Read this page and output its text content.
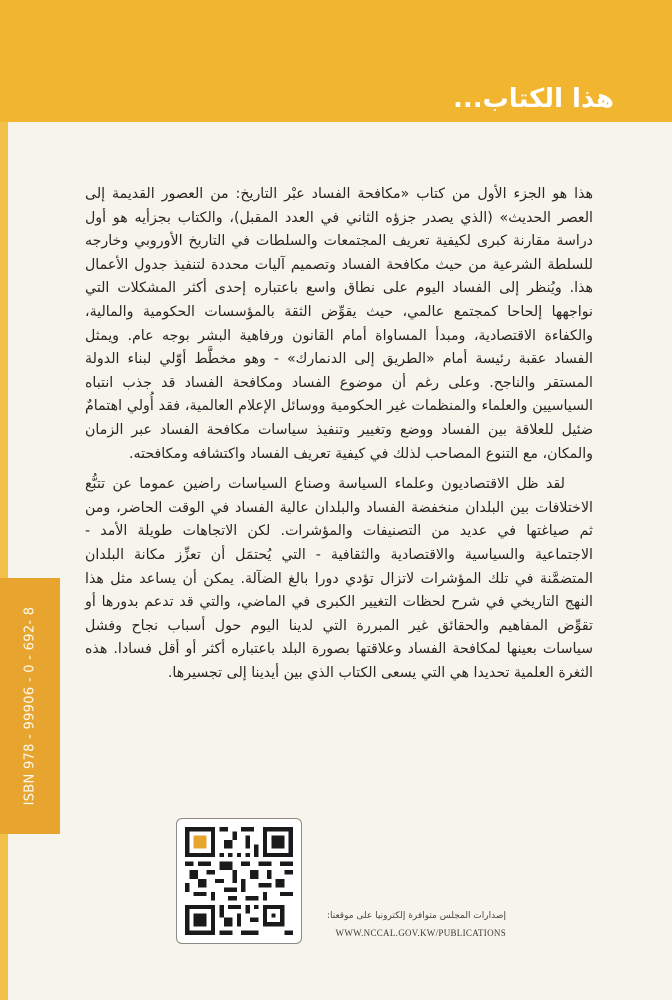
هذا الكتاب...
ISBN 978 - 99906 - 0 - 692- 8

هذا هو الجزء الأول من كتاب «مكافحة الفساد عبْر التاريخ: من العصور القديمة إلى العصر الحديث» (الذي يصدر جزؤه الثاني في العدد المقبل)، والكتاب بجزأيه هو أول دراسة مقارنة كبرى لكيفية تعريف المجتمعات والسلطات في التاريخ الأوروبي وخارجه للسلطة الشرعية من حيث مكافحة الفساد وتصميم آليات محددة لتنفيذ جدول الأعمال هذا. ويُنظر إلى الفساد اليوم على نطاق واسع باعتباره إحدى أكثر المشكلات التي نواجهها إلحاحا كمجتمع عالمي، حيث يقوِّض الثقة بالمؤسسات الحكومية والمالية، والكفاءة الاقتصادية، ومبدأ المساواة أمام القانون ورفاهية البشر بوجه عام. ويمثل الفساد عقبة رئيسة أمام «الطريق إلى الدنمارك» - وهو مخطَّط أوّلي لبناء الدولة المستقر والناجح. وعلى رغم أن موضوع الفساد ومكافحة الفساد قد جذب انتباه السياسيين والعلماء والمنظمات غير الحكومية ووسائل الإعلام العالمية، فقد أُولي اهتمامٌ ضئيل للعلاقة بين الفساد ووضع وتغيير وتنفيذ سياسات مكافحة الفساد عبر الزمان والمكان، مع التنوع المصاحب لذلك في كيفية تعريف الفساد واكتشافه ومكافحته.

لقد ظل الاقتصاديون وعلماء السياسة وصناع السياسات راضين عموما عن تتبُّع الاختلافات بين البلدان منخفضة الفساد والبلدان عالية الفساد في الوقت الحاضر، ومن ثم صياغتها في عديد من التصنيفات والمؤشرات. لكن الاتجاهات طويلة الأمد - الاجتماعية والسياسية والاقتصادية والثقافية - التي يُحتمَل أن تعزِّز مكانة البلدان المتضمَّنة في تلك المؤشرات لاتزال تؤدي دورا بالغ الضآلة. يمكن أن يساعد مثل هذا النهج التاريخي في شرح لحظات التغيير الكبرى في الماضي، والتي قد تدعم بدورها أو تقوِّض المفاهيم والحقائق غير المبررة التي لدينا اليوم حول أسباب نجاح وفشل سياسات بعينها لمكافحة الفساد وعلاقتها بصورة البلد باعتباره أكثر أو أقل فسادا. هذه الثغرة العلمية تحديدا هي التي يسعى الكتاب الذي بين أيدينا إلى تجسيرها.

إصدارات المجلس متوافرة إلكترونيا على موقعنا:
WWW.NCCAL.GOV.KW/PUBLICATIONS
